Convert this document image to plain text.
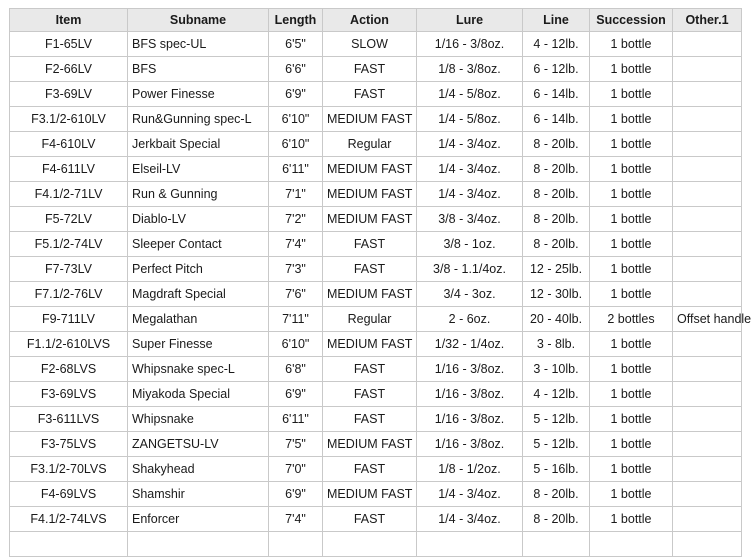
Item	Subname	Length	Action	Lure	Line	Succession	Other.1
F1-65LV	BFS spec-UL	6'5"	SLOW	1/16 - 3/8oz.	4 - 12lb.	1 bottle	
F2-66LV	BFS	6'6"	FAST	1/8 - 3/8oz.	6 - 12lb.	1 bottle	
F3-69LV	Power Finesse	6'9"	FAST	1/4 - 5/8oz.	6 - 14lb.	1 bottle	
F3.1/2-610LV	Run&Gunning spec-L	6'10"	MEDIUM FAST	1/4 - 5/8oz.	6 - 14lb.	1 bottle	
F4-610LV	Jerkbait Special	6'10"	Regular	1/4 - 3/4oz.	8 - 20lb.	1 bottle	
F4-611LV	Elseil-LV	6'11"	MEDIUM FAST	1/4 - 3/4oz.	8 - 20lb.	1 bottle	
F4.1/2-71LV	Run & Gunning	7'1"	MEDIUM FAST	1/4 - 3/4oz.	8 - 20lb.	1 bottle	
F5-72LV	Diablo-LV	7'2"	MEDIUM FAST	3/8 - 3/4oz.	8 - 20lb.	1 bottle	
F5.1/2-74LV	Sleeper Contact	7'4"	FAST	3/8 - 1oz.	8 - 20lb.	1 bottle	
F7-73LV	Perfect Pitch	7'3"	FAST	3/8 - 1.1/4oz.	12 - 25lb.	1 bottle	
F7.1/2-76LV	Magdraft Special	7'6"	MEDIUM FAST	3/4 - 3oz.	12 - 30lb.	1 bottle	
F9-711LV	Megalathan	7'11"	Regular	2 - 6oz.	20 - 40lb.	2 bottles	Offset handle
F1.1/2-610LVS	Super Finesse	6'10"	MEDIUM FAST	1/32 - 1/4oz.	3 - 8lb.	1 bottle	
F2-68LVS	Whipsnake spec-L	6'8"	FAST	1/16 - 3/8oz.	3 - 10lb.	1 bottle	
F3-69LVS	Miyakoda Special	6'9"	FAST	1/16 - 3/8oz.	4 - 12lb.	1 bottle	
F3-611LVS	Whipsnake	6'11"	FAST	1/16 - 3/8oz.	5 - 12lb.	1 bottle	
F3-75LVS	ZANGETSU-LV	7'5"	MEDIUM FAST	1/16 - 3/8oz.	5 - 12lb.	1 bottle	
F3.1/2-70LVS	Shakyhead	7'0"	FAST	1/8 - 1/2oz.	5 - 16lb.	1 bottle	
F4-69LVS	Shamshir	6'9"	MEDIUM FAST	1/4 - 3/4oz.	8 - 20lb.	1 bottle	
F4.1/2-74LVS	Enforcer	7'4"	FAST	1/4 - 3/4oz.	8 - 20lb.	1 bottle	
